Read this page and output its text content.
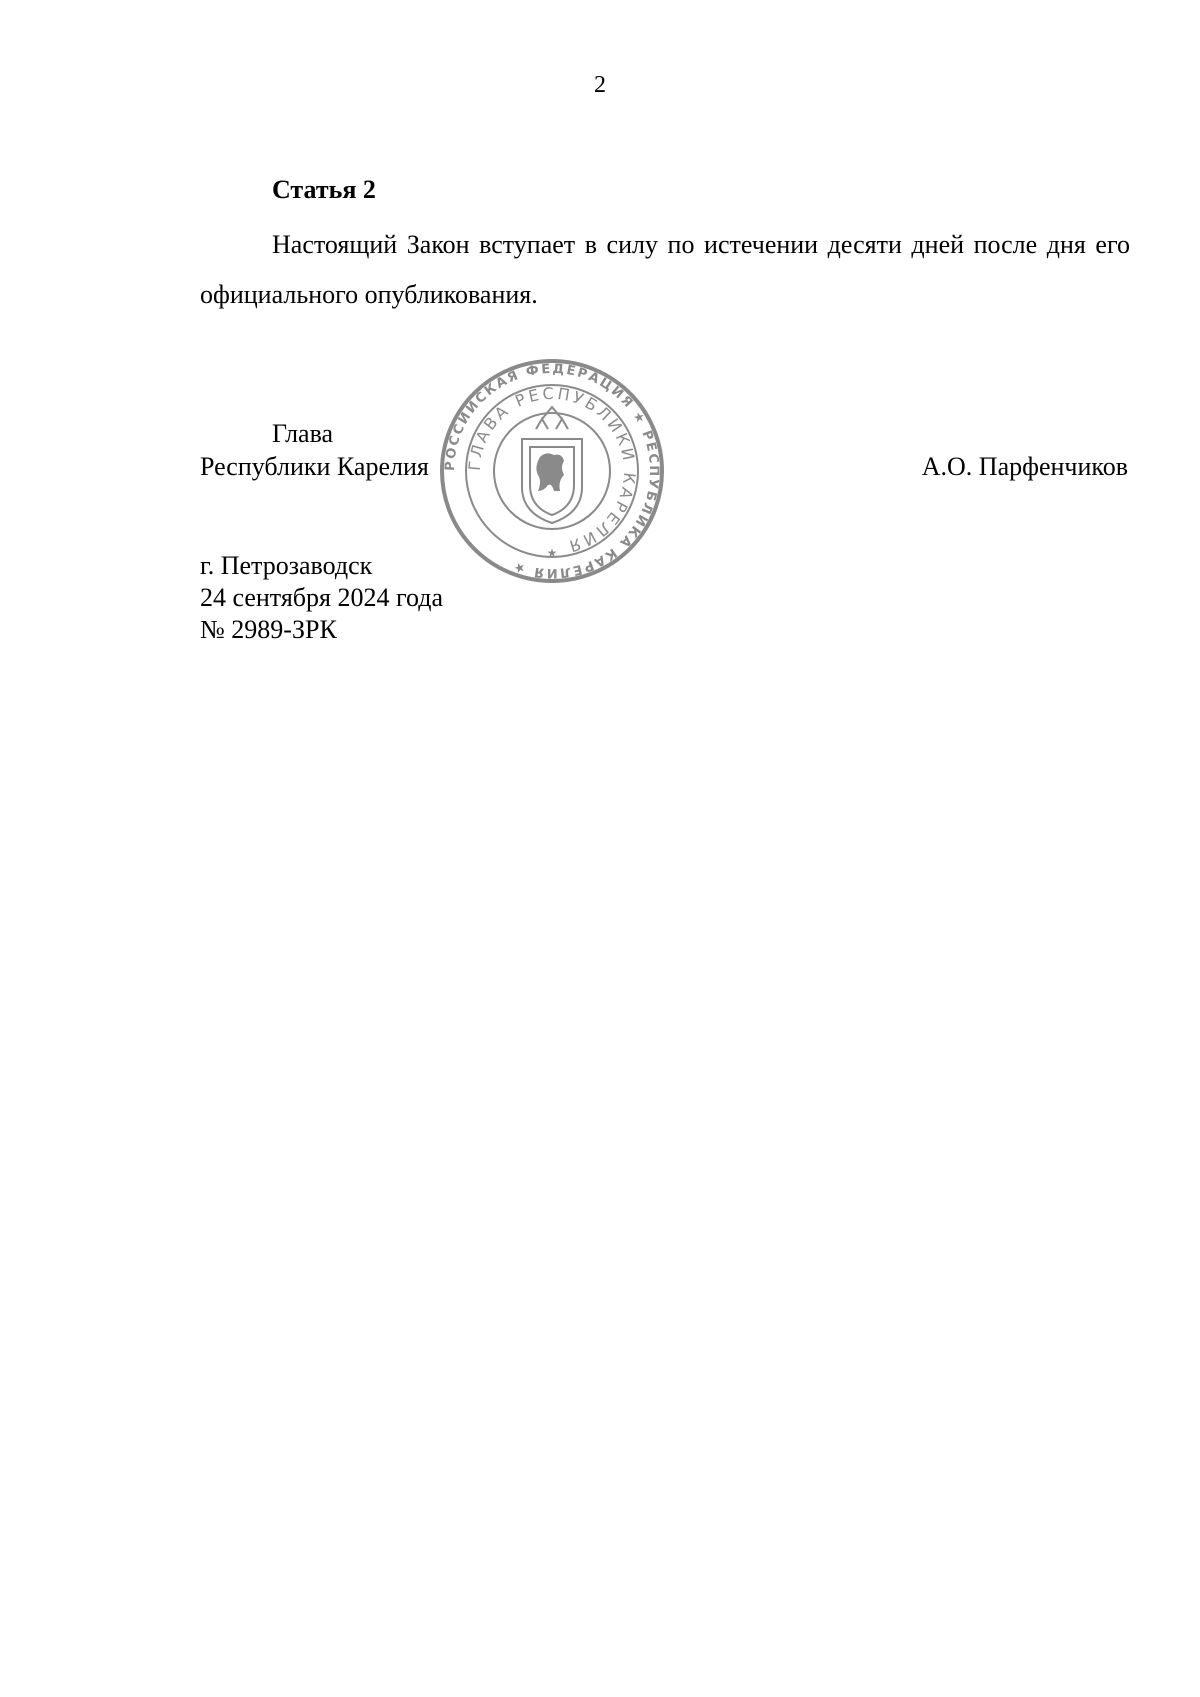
2
Статья 2

Настоящий Закон вступает в силу по истечении десяти дней после дня его официального опубликования.

Глава
Республики Карелия РОССИЙСКАЯ ФЕДЕРАЦИЯ ★ РЕСПУБЛИКА КАРЕЛИЯ ★
ГЛАВА РЕСПУБЛИКИ КАРЕЛИЯ
★
А.О. Парфенчиков
г. Петрозаводск
24 сентября 2024 года
№ 2989-ЗРК
